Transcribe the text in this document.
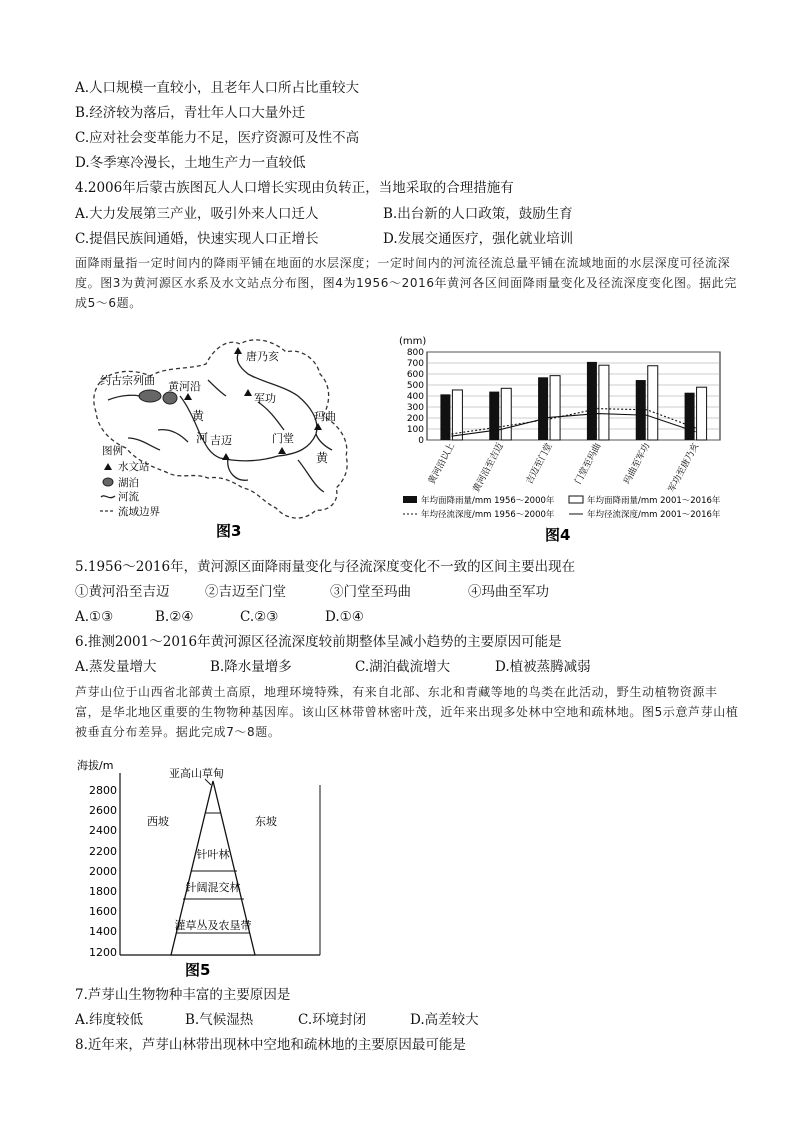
A.人口规模一直较小，且老年人口所占比重较大
B.经济较为落后，青壮年人口大量外迁
C.应对社会变革能力不足，医疗资源可及性不高
D.冬季寒冷漫长，土地生产力一直较低
4.2006年后蒙古族图瓦人人口增长实现由负转正，当地采取的合理措施有
A.大力发展第三产业，吸引外来人口迁人	B.出台新的人口政策，鼓励生育
C.提倡民族间通婚，快速实现人口正增长	D.发展交通医疗，强化就业培训
面降雨量指一定时间内的降雨平铺在地面的水层深度；一定时间内的河流径流总量平铺在流域地面的水层深度可径流深度。图3为黄河源区水系及水文站点分布图，图4为1956～2016年黄河各区间面降雨量变化及径流深度变化图。据此完成5～6题。
约古宗列曲 黄河沿
唐乃亥
军功
玛曲
吉迈	门堂
黄
河
黄
图例
水文站
湖泊
河流
流域边界
图3
(mm)
0
100
200
300
400
500
600
700
800
黄河沿以上 黄河沿至吉迈 吉迈至门堂 门堂至玛曲 玛曲至军功 军功至唐乃亥
年均面降雨量/mm 1956～2000年	年均面降雨量/mm 2001～2016年
年均径流深度/mm 1956～2000年	年均径流深度/mm 2001～2016年
图4
5.1956～2016年，黄河源区面降雨量变化与径流深度变化不一致的区间主要出现在
①黄河沿至吉迈	②吉迈至门堂	③门堂至玛曲	④玛曲至军功
A.①③	B.②④	C.②③	D.①④
6.推测2001～2016年黄河源区径流深度较前期整体呈减小趋势的主要原因可能是
A.蒸发量增大	B.降水量增多	C.湖泊截流增大	D.植被蒸腾减弱
芦芽山位于山西省北部黄土高原，地理环境特殊，有来自北部、东北和青藏等地的鸟类在此活动，野生动植物资源丰富，是华北地区重要的生物物种基因库。该山区林带曾林密叶茂，近年来出现多处林中空地和疏林地。图5示意芦芽山植被垂直分布差异。据此完成7～8题。
海拔/m
2800
2600
2400
2200
2000
1800
1600
1400
1200
亚高山草甸
西坡	东坡
针叶林
针阔混交林
灌草丛及农垦带
图5
7.芦芽山生物物种丰富的主要原因是
A.纬度较低	B.气候湿热	C.环境封闭	D.高差较大
8.近年来，芦芽山林带出现林中空地和疏林地的主要原因最可能是
